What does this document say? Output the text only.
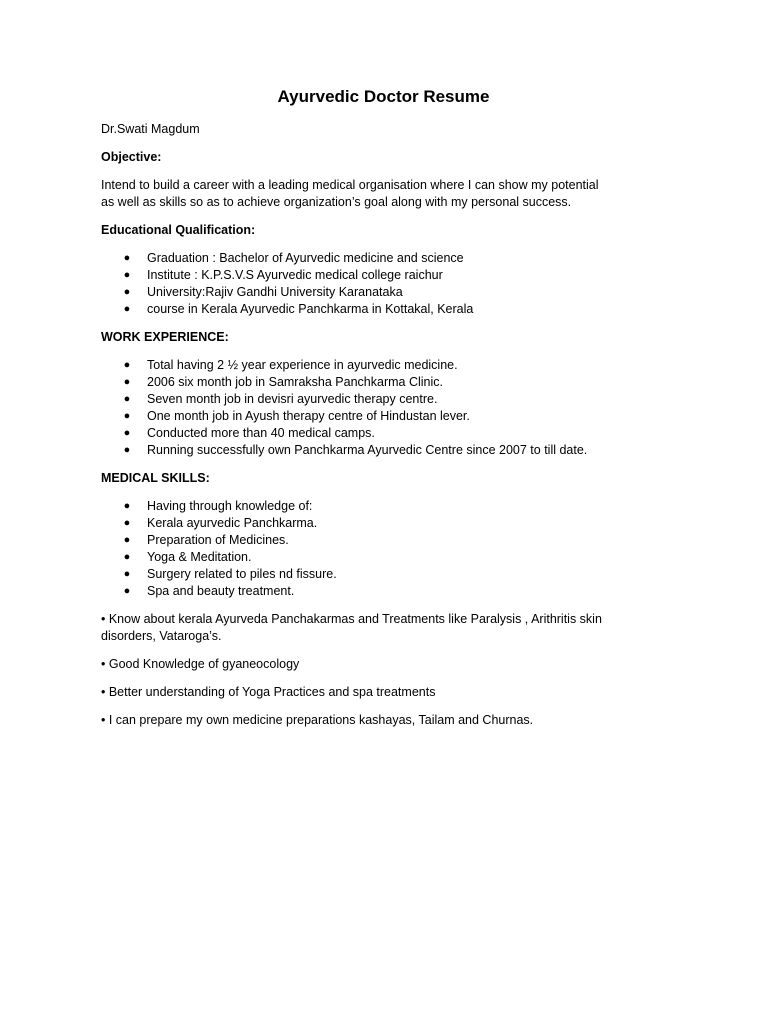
Ayurvedic Doctor Resume

Dr.Swati Magdum

Objective:

Intend to build a career with a leading medical organisation where I can show my potential as well as skills so as to achieve organization’s goal along with my personal success.

Educational Qualification:

● Graduation : Bachelor of Ayurvedic medicine and science
● Institute : K.P.S.V.S Ayurvedic medical college raichur
● University:Rajiv Gandhi University Karanataka
● course in Kerala Ayurvedic Panchkarma in Kottakal, Kerala

WORK EXPERIENCE:

● Total having 2 ½ year experience in ayurvedic medicine.
● 2006 six month job in Samraksha Panchkarma Clinic.
● Seven month job in devisri ayurvedic therapy centre.
● One month job in Ayush therapy centre of Hindustan lever.
● Conducted more than 40 medical camps.
● Running successfully own Panchkarma Ayurvedic Centre since 2007 to till date.

MEDICAL SKILLS:

● Having through knowledge of:
● Kerala ayurvedic Panchkarma.
● Preparation of Medicines.
● Yoga & Meditation.
● Surgery related to piles nd fissure.
● Spa and beauty treatment.

• Know about kerala Ayurveda Panchakarmas and Treatments like Paralysis , Arithritis skin disorders, Vataroga’s.

• Good Knowledge of gyaneocology

• Better understanding of Yoga Practices and spa treatments

• I can prepare my own medicine preparations kashayas, Tailam and Churnas.
